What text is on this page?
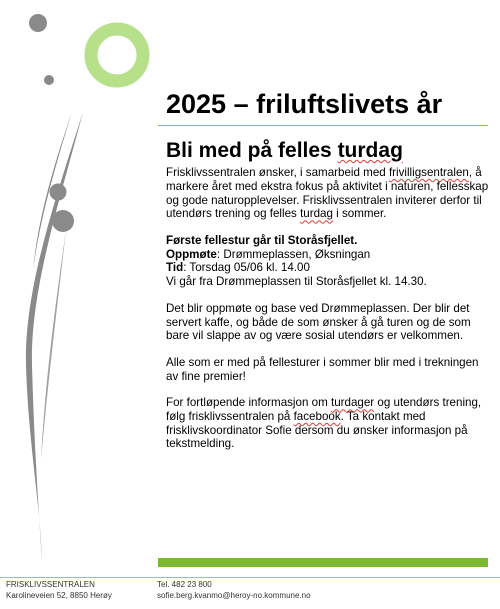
2025 – friluftslivets år
Bli med på felles turdag

Frisklivssentralen ønsker, i samarbeid med frivilligsentralen, å markere året med ekstra fokus på aktivitet i naturen, fellesskap og gode naturopplevelser. Frisklivssentralen inviterer derfor til utendørs trening og felles turdag i sommer.

Første fellestur går til Storåsfjellet.
Oppmøte: Drømmeplassen, Øksningan
Tid: Torsdag 05/06 kl. 14.00
Vi går fra Drømmeplassen til Storåsfjellet kl. 14.30.

Det blir oppmøte og base ved Drømmeplassen. Der blir det servert kaffe, og både de som ønsker å gå turen og de som bare vil slappe av og være sosial utendørs er velkommen.

Alle som er med på fellesturer i sommer blir med i trekningen av fine premier!

For fortløpende informasjon om turdager og utendørs trening, følg frisklivssentralen på facebook. Ta kontakt med frisklivskoordinator Sofie dersom du ønsker informasjon på tekstmelding.

FRISKLIVSSENTRALEN
Karolineveien 52, 8850 Herøy
Tel. 482 23 800
sofie.berg.kvanmo@heroy-no.kommune.no
